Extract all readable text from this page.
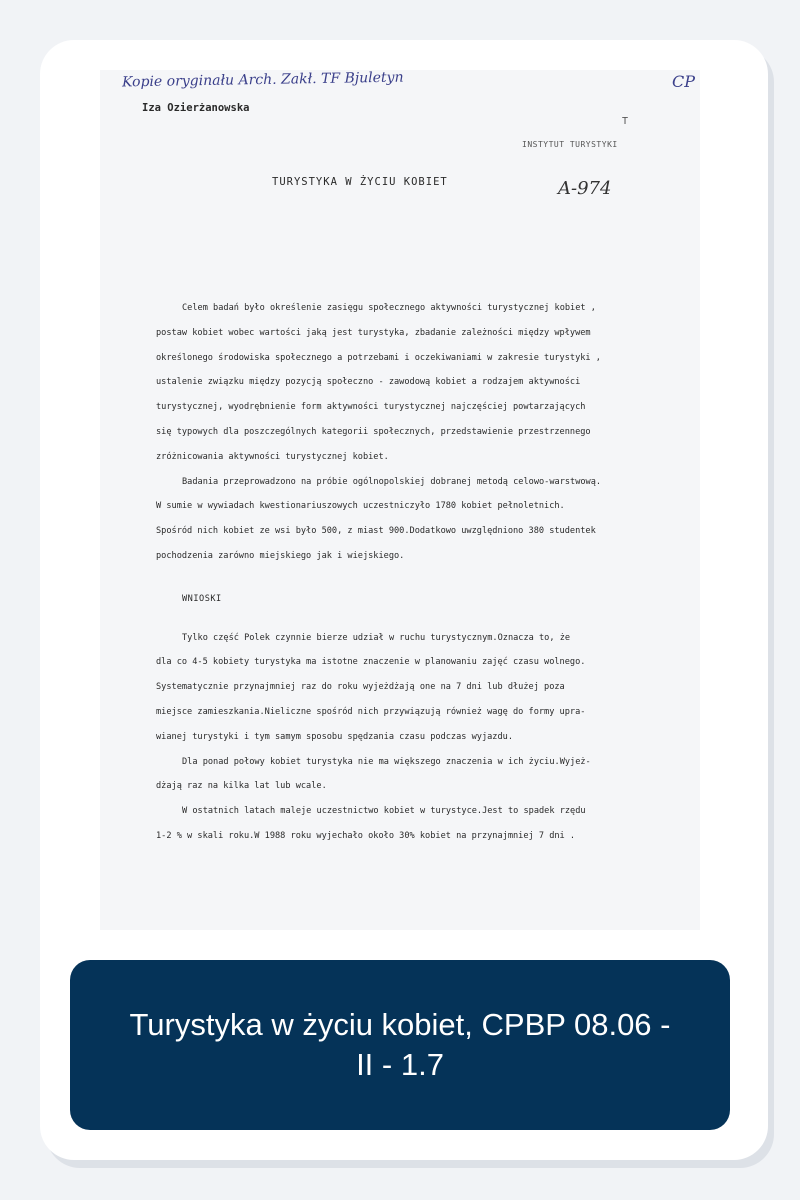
Kopie oryginału Arch. Zakł. TF Bjuletyn	CP
Iza Ozierżanowska
T
INSTYTUT TURYSTYKI
TURYSTYKA W ŻYCIU KOBIET	A-974

Celem badań było określenie zasięgu społecznego aktywności turystycznej kobiet ,

postaw kobiet wobec wartości jaką jest turystyka, zbadanie zależności między wpływem

określonego środowiska społecznego a potrzebami i oczekiwaniami w zakresie turystyki ,

ustalenie związku między pozycją społeczno - zawodową kobiet a rodzajem aktywności

turystycznej, wyodrębnienie form aktywności turystycznej najczęściej powtarzających

się typowych dla poszczególnych kategorii społecznych, przedstawienie przestrzennego

zróżnicowania aktywności turystycznej kobiet.

Badania przeprowadzono na próbie ogólnopolskiej dobranej metodą celowo-warstwową.

W sumie w wywiadach kwestionariuszowych uczestniczyło 1780 kobiet pełnoletnich.

Spośród nich kobiet ze wsi było 500, z miast 900.Dodatkowo uwzględniono 380 studentek

pochodzenia zarówno miejskiego jak i wiejskiego.

WNIOSKI

Tylko część Polek czynnie bierze udział w ruchu turystycznym.Oznacza to, że

dla co 4-5 kobiety turystyka ma istotne znaczenie w planowaniu zajęć czasu wolnego.

Systematycznie przynajmniej raz do roku wyjeżdżają one na 7 dni lub dłużej poza

miejsce zamieszkania.Nieliczne spośród nich przywiązują również wagę do formy upra-

wianej turystyki i tym samym sposobu spędzania czasu podczas wyjazdu.

Dla ponad połowy kobiet turystyka nie ma większego znaczenia w ich życiu.Wyjeż-

dżają raz na kilka lat lub wcale.

W ostatnich latach maleje uczestnictwo kobiet w turystyce.Jest to spadek rzędu

1-2 % w skali roku.W 1988 roku wyjechało około 30% kobiet na przynajmniej 7 dni .

Turystyka w życiu kobiet, CPBP 08.06 - II - 1.7
